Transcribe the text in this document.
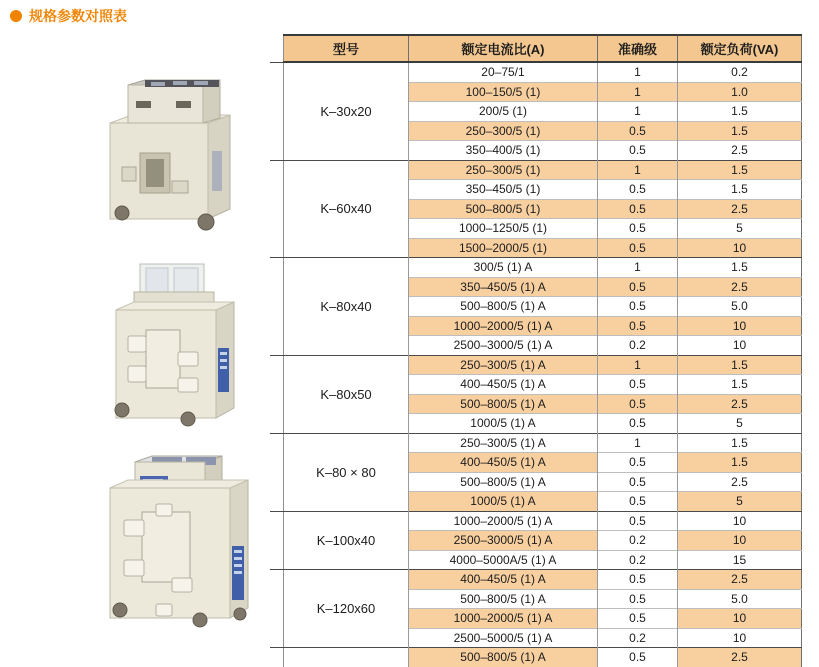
规格参数对照表
型号	额定电流比(A)	准确级	额定负荷(VA)
K–30x20	20–75/1	1	0.2
	100–150/5 (1)	1	1.0
	200/5 (1)	1	1.5
	250–300/5 (1)	0.5	1.5
	350–400/5 (1)	0.5	2.5
K–60x40	250–300/5 (1)	1	1.5
	350–450/5 (1)	0.5	1.5
	500–800/5 (1)	0.5	2.5
	1000–1250/5 (1)	0.5	5
	1500–2000/5 (1)	0.5	10
K–80x40	300/5 (1) A	1	1.5
	350–450/5 (1) A	0.5	2.5
	500–800/5 (1) A	0.5	5.0
	1000–2000/5 (1) A	0.5	10
	2500–3000/5 (1) A	0.2	10
K–80x50	250–300/5 (1) A	1	1.5
	400–450/5 (1) A	0.5	1.5
	500–800/5 (1) A	0.5	2.5
	1000/5 (1) A	0.5	5
K–80 × 80	250–300/5 (1) A	1	1.5
	400–450/5 (1) A	0.5	1.5
	500–800/5 (1) A	0.5	2.5
	1000/5 (1) A	0.5	5
K–100x40	1000–2000/5 (1) A	0.5	10
	2500–3000/5 (1) A	0.2	10
	4000–5000A/5 (1) A	0.2	15
K–120x60	400–450/5 (1) A	0.5	2.5
	500–800/5 (1) A	0.5	5.0
	1000–2000/5 (1) A	0.5	10
	2500–5000/5 (1) A	0.2	10

	500–800/5 (1) A	0.5	2.5
